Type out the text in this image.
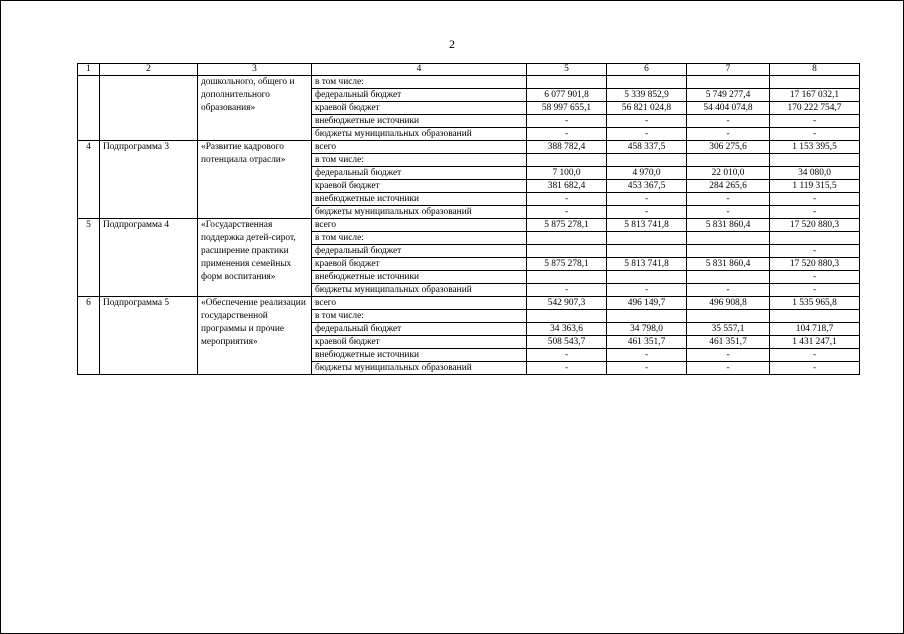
2
1	2	3	4	5	6	7	8
		дошкольного, общего и дополнительного образования»	в том числе:				
			федеральный бюджет	6 077 901,8	5 339 852,9	5 749 277,4	17 167 032,1
			краевой бюджет	58 997 655,1	56 821 024,8	54 404 074,8	170 222 754,7
			внебюджетные источники	-	-	-	-
			бюджеты муниципальных образований	-	-	-	-
4	Подпрограмма 3	«Развитие кадрового потенциала отрасли»	всего	388 782,4	458 337,5	306 275,6	1 153 395,5
			в том числе:				
			федеральный бюджет	7 100,0	4 970,0	22 010,0	34 080,0
			краевой бюджет	381 682,4	453 367,5	284 265,6	1 119 315,5
			внебюджетные источники	-	-	-	-
			бюджеты муниципальных образований	-	-	-	-
5	Подпрограмма 4	«Государственная поддержка детей-сирот, расширение практики применения семейных форм воспитания»	всего	5 875 278,1	5 813 741,8	5 831 860,4	17 520 880,3
			в том числе:				
			федеральный бюджет				-
			краевой бюджет	5 875 278,1	5 813 741,8	5 831 860,4	17 520 880,3
			внебюджетные источники				-
			бюджеты муниципальных образований	-	-	-	-
6	Подпрограмма 5	«Обеспечение реализации государственной программы и прочие мероприятия»	всего	542 907,3	496 149,7	496 908,8	1 535 965,8
			в том числе:				
			федеральный бюджет	34 363,6	34 798,0	35 557,1	104 718,7
			краевой бюджет	508 543,7	461 351,7	461 351,7	1 431 247,1
			внебюджетные источники	-	-	-	-
			бюджеты муниципальных образований	-	-	-	-
